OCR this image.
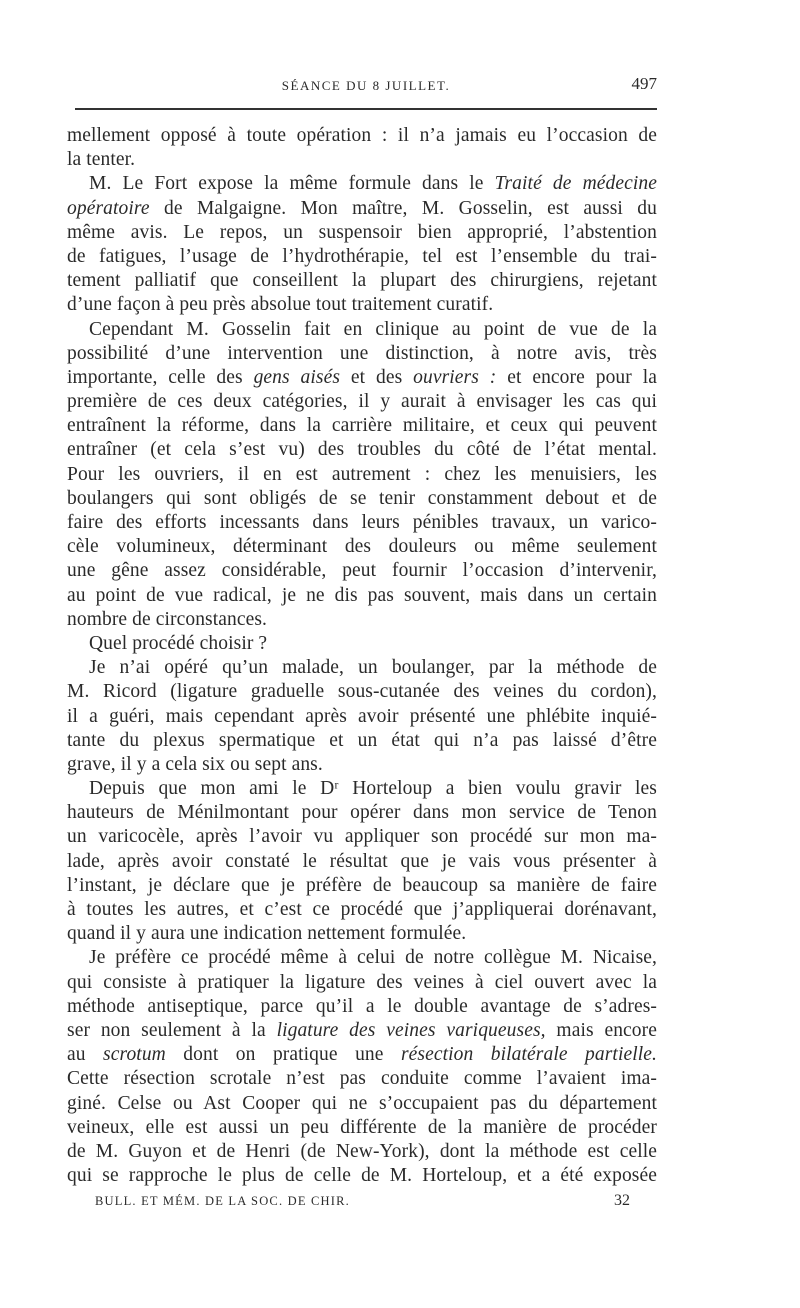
SÉANCE DU 8 JUILLET.	497
mellement opposé à toute opération : il n’a jamais eu l’occasion de
la tenter.
M. Le Fort expose la même formule dans le Traité de médecine
opératoire de Malgaigne. Mon maître, M. Gosselin, est aussi du
même avis. Le repos, un suspensoir bien approprié, l’abstention
de fatigues, l’usage de l’hydrothérapie, tel est l’ensemble du trai-
tement palliatif que conseillent la plupart des chirurgiens, rejetant
d’une façon à peu près absolue tout traitement curatif.
Cependant M. Gosselin fait en clinique au point de vue de la
possibilité d’une intervention une distinction, à notre avis, très
importante, celle des gens aisés et des ouvriers : et encore pour la
première de ces deux catégories, il y aurait à envisager les cas qui
entraînent la réforme, dans la carrière militaire, et ceux qui peuvent
entraîner (et cela s’est vu) des troubles du côté de l’état mental.
Pour les ouvriers, il en est autrement : chez les menuisiers, les
boulangers qui sont obligés de se tenir constamment debout et de
faire des efforts incessants dans leurs pénibles travaux, un varico-
cèle volumineux, déterminant des douleurs ou même seulement
une gêne assez considérable, peut fournir l’occasion d’intervenir,
au point de vue radical, je ne dis pas souvent, mais dans un certain
nombre de circonstances.
Quel procédé choisir ?
Je n’ai opéré qu’un malade, un boulanger, par la méthode de
M. Ricord (ligature graduelle sous-cutanée des veines du cordon),
il a guéri, mais cependant après avoir présenté une phlébite inquié-
tante du plexus spermatique et un état qui n’a pas laissé d’être
grave, il y a cela six ou sept ans.
Depuis que mon ami le Dʳ Horteloup a bien voulu gravir les
hauteurs de Ménilmontant pour opérer dans mon service de Tenon
un varicocèle, après l’avoir vu appliquer son procédé sur mon ma-
lade, après avoir constaté le résultat que je vais vous présenter à
l’instant, je déclare que je préfère de beaucoup sa manière de faire
à toutes les autres, et c’est ce procédé que j’appliquerai dorénavant,
quand il y aura une indication nettement formulée.
Je préfère ce procédé même à celui de notre collègue M. Nicaise,
qui consiste à pratiquer la ligature des veines à ciel ouvert avec la
méthode antiseptique, parce qu’il a le double avantage de s’adres-
ser non seulement à la ligature des veines variqueuses, mais encore
au scrotum dont on pratique une résection bilatérale partielle.
Cette résection scrotale n’est pas conduite comme l’avaient ima-
giné. Celse ou Ast Cooper qui ne s’occupaient pas du département
veineux, elle est aussi un peu différente de la manière de procéder
de M. Guyon et de Henri (de New-York), dont la méthode est celle
qui se rapproche le plus de celle de M. Horteloup, et a été exposée
BULL. ET MÉM. DE LA SOC. DE CHIR.	32
